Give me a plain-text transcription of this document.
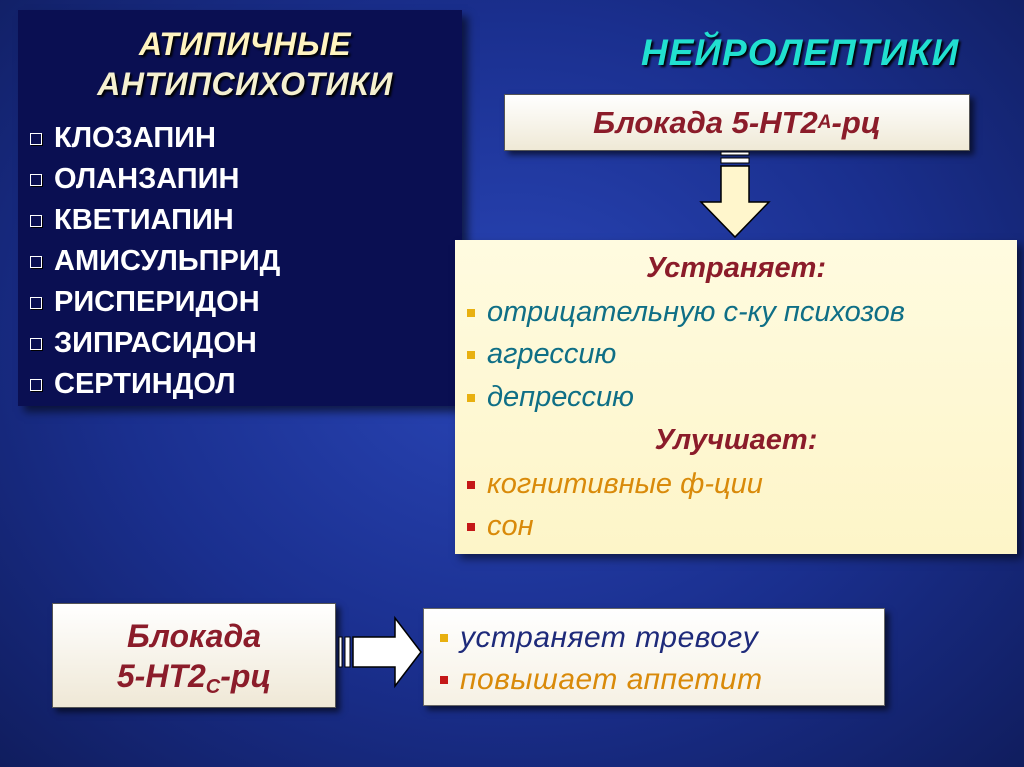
АТИПИЧНЫЕ
АНТИПСИХОТИКИ
КЛОЗАПИН
ОЛАНЗАПИН
КВЕТИАПИН
АМИСУЛЬПРИД
РИСПЕРИДОН
ЗИПРАСИДОН
СЕРТИНДОЛ
НЕЙРОЛЕПТИКИ
Блокада 5-HT2 A -рц
Устраняет:
отрицательную с-ку психозов
агрессию
депрессию
Улучшает:
когнитивные ф-ции
сон
Блокада
$5-HT2_C-рц$
устраняет тревогу
повышает аппетит
